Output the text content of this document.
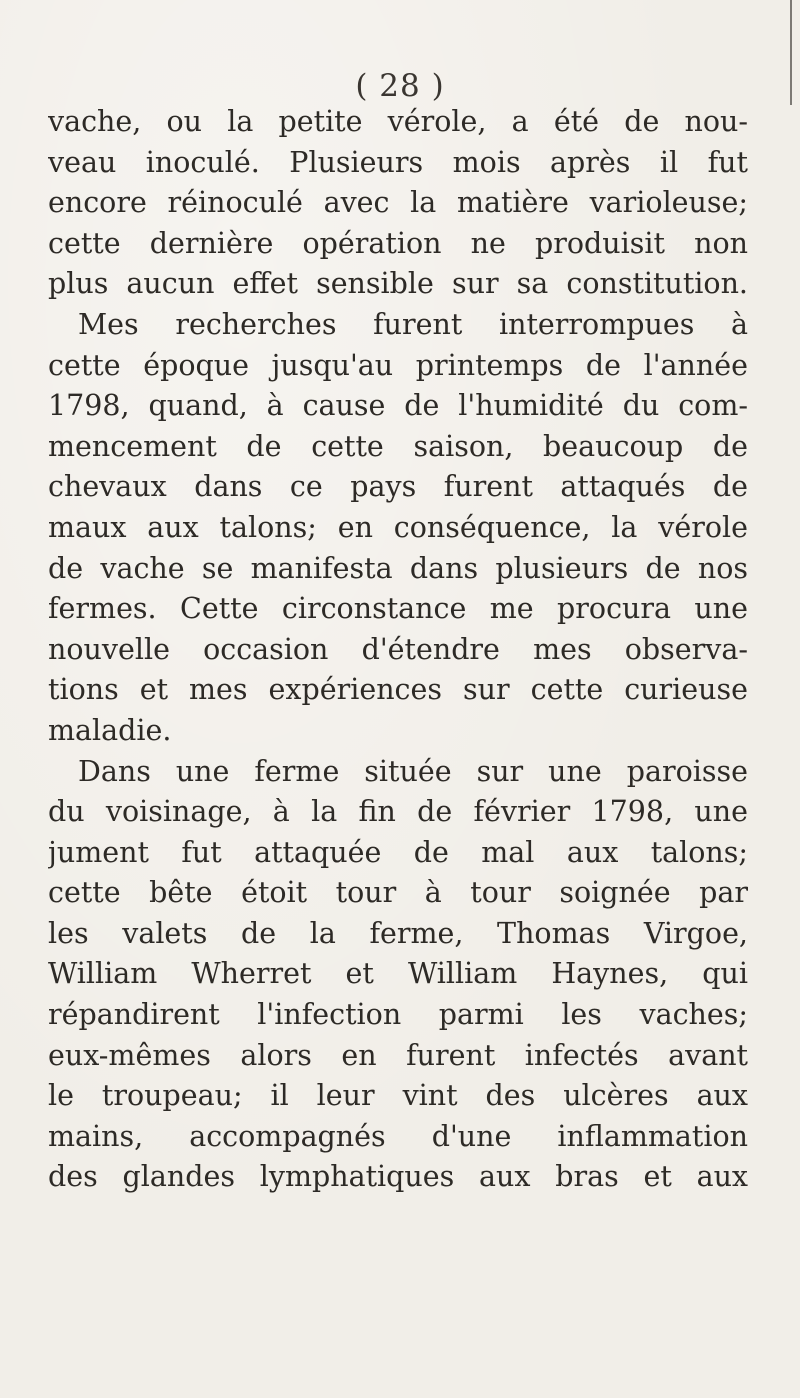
( 28 )
vache, ou la petite vérole, a été de nou-
veau inoculé. Plusieurs mois après il fut
encore réinoculé avec la matière varioleuse;
cette dernière opération ne produisit non
plus aucun effet sensible sur sa constitution.
Mes recherches furent interrompues à
cette époque jusqu'au printemps de l'année
1798, quand, à cause de l'humidité du com-
mencement de cette saison, beaucoup de
chevaux dans ce pays furent attaqués de
maux aux talons; en conséquence, la vérole
de vache se manifesta dans plusieurs de nos
fermes. Cette circonstance me procura une
nouvelle occasion d'étendre mes observa-
tions et mes expériences sur cette curieuse
maladie.
Dans une ferme située sur une paroisse
du voisinage, à la fin de février 1798, une
jument fut attaquée de mal aux talons;
cette bête étoit tour à tour soignée par
les valets de la ferme, Thomas Virgoe,
William Wherret et William Haynes, qui
répandirent l'infection parmi les vaches;
eux-mêmes alors en furent infectés avant
le troupeau; il leur vint des ulcères aux
mains, accompagnés d'une inflammation
des glandes lymphatiques aux bras et aux
